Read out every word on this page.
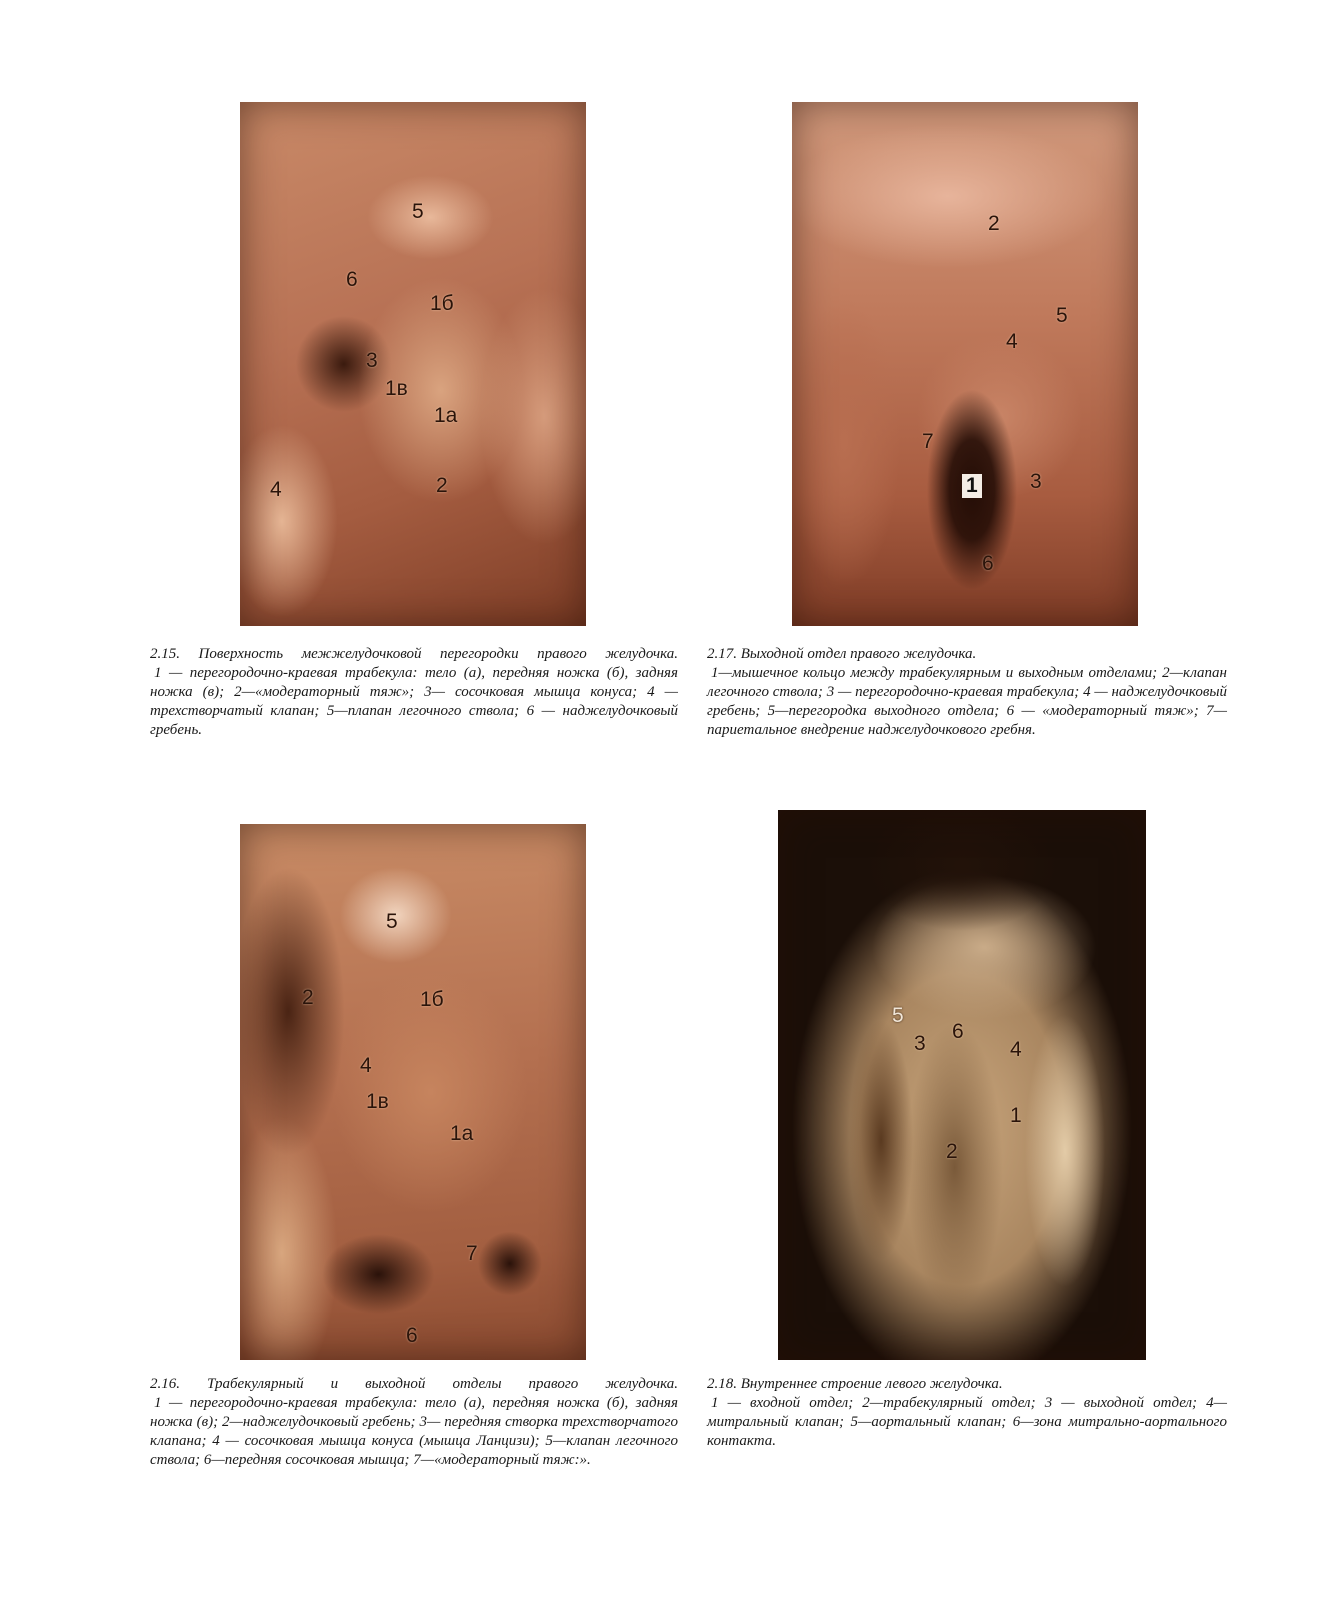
5
6
1б
3
1в
1а
2
4
2
5
4
7
1 3
6
5
2	1б
4
1в
1а
7
6
5
3
6
4
1
2

2.15. Поверхность межжелудочковой перегородки правого желудочка.
1 — перегородочно-краевая трабекула: тело (а), передняя ножка (б), задняя ножка (в); 2—«модераторный тяж»; 3— сосочковая мышца конуса; 4 — трехстворчатый клапан; 5—плапан легочного ствола; 6 — наджелудочковый гребень.

2.17. Выходной отдел правого желудочка.
1—мышечное кольцо между трабекулярным и выходным отделами; 2—клапан легочного ствола; 3 — перегородочно-краевая трабекула; 4 — наджелудочковый гребень; 5—перегородка выходного отдела; 6 — «модераторный тяж»; 7—париетальное внедрение наджелудочкового гребня.

2.16. Трабекулярный и выходной отделы правого желудочка.
1 — перегородочно-краевая трабекула: тело (а), передняя ножка (б), задняя ножка (в); 2—наджелудочковый гребень; 3— передняя створка трехстворчатого клапана; 4 — сосочковая мышца конуса (мышца Ланцизи); 5—клапан легочного ствола; 6—передняя сосочковая мышца; 7—«модераторный тяж:».

2.18. Внутреннее строение левого желудочка.
1 — входной отдел; 2—трабекулярный отдел; 3 — выходной отдел; 4—митральный клапан; 5—аортальный клапан; 6—зона митрально-аортального контакта.
